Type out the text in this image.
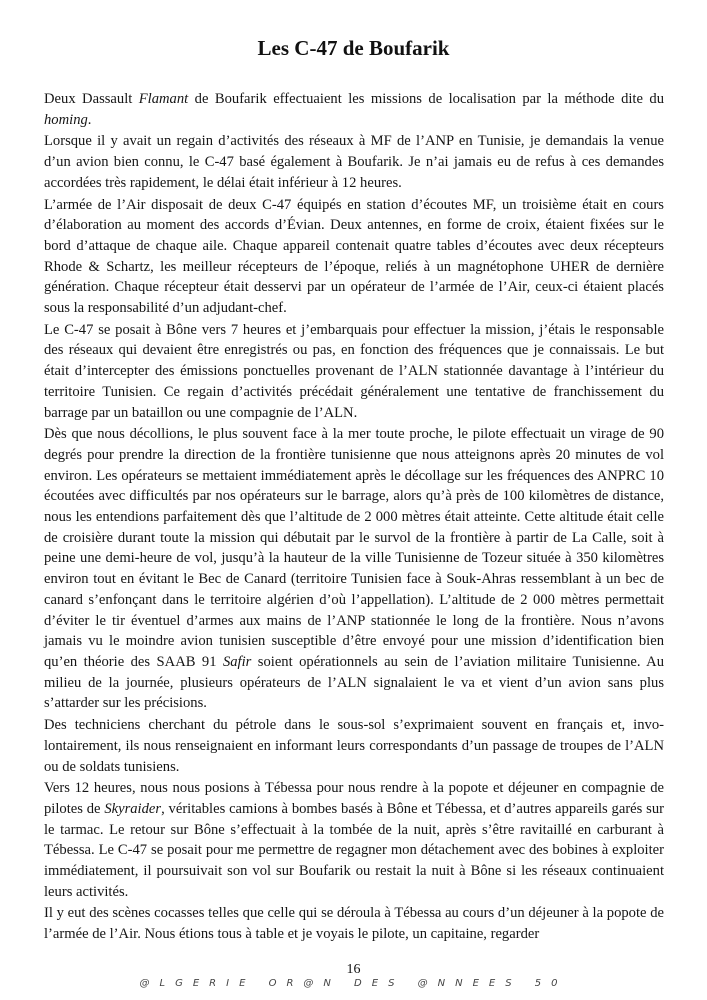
Les C-47 de Boufarik

Deux Dassault Flamant de Boufarik effectuaient les missions de localisation par la méthode dite du homing.

Lorsque il y avait un regain d’activités des réseaux à MF de l’ANP en Tunisie, je demandais la venue d’un avion bien connu, le C-47 basé également à Boufarik. Je n’ai jamais eu de refus à ces demandes accordées très rapidement, le délai était inférieur à 12 heures.

L’armée de l’Air disposait de deux C-47 équipés en station d’écoutes MF, un troisième était en cours d’élaboration au moment des accords d’Évian. Deux antennes, en forme de croix, étaient fixées sur le bord d’attaque de chaque aile. Chaque appareil contenait quatre tables d’écoutes avec deux récepteurs Rhode & Schartz, les meilleur récepteurs de l’époque, reliés à un magnétophone UHER de dernière génération. Chaque récepteur était desservi par un opérateur de l’armée de l’Air, ceux-ci étaient placés sous la responsabilité d’un adjudant-chef.

Le C-47 se posait à Bône vers 7 heures et j’embarquais pour effectuer la mission, j’étais le responsable des réseaux qui devaient être enregistrés ou pas, en fonction des fréquences que je connaissais. Le but était d’intercepter des émissions ponctuelles provenant de l’ALN stationnée davantage à l’intérieur du territoire Tunisien. Ce regain d’activités précédait généralement une tentative de franchissement du barrage par un bataillon ou une compagnie de l’ALN.

Dès que nous décollions, le plus souvent face à la mer toute proche, le pilote effectuait un virage de 90 degrés pour prendre la direction de la frontière tunisienne que nous atteignons après 20 minutes de vol environ. Les opérateurs se mettaient immédiatement après le décollage sur les fréquences des ANPRC 10 écoutées avec difficultés par nos opérateurs sur le barrage, alors qu’à près de 100 kilomètres de distance, nous les entendions parfaitement dès que l’altitude de 2 000 mètres était atteinte. Cette altitude était celle de croisière durant toute la mission qui débutait par le survol de la frontière à partir de La Calle, soit à peine une demi-heure de vol, jusqu’à la hauteur de la ville Tunisienne de Tozeur située à 350 kilomètres environ tout en évitant le Bec de Canard (territoire Tunisien face à Souk-Ahras ressemblant à un bec de canard s’enfonçant dans le territoire algérien d’où l’appellation). L’altitude de 2 000 mètres permettait d’éviter le tir éventuel d’armes aux mains de l’ANP stationnée le long de la frontière. Nous n’avons jamais vu le moindre avion tunisien susceptible d’être envoyé pour une mission d’identification bien qu’en théorie des SAAB 91 Safir soient opérationnels au sein de l’aviation militaire Tunisienne. Au milieu de la journée, plusieurs opérateurs de l’ALN signalaient le va et vient d’un avion sans plus s’attarder sur les précisions.

Des techniciens cherchant du pétrole dans le sous-sol s’exprimaient souvent en français et, involontairement, ils nous renseignaient en informant leurs correspondants d’un passage de troupes de l’ALN ou de soldats tunisiens.

Vers 12 heures, nous nous posions à Tébessa pour nous rendre à la popote et déjeuner en compagnie de pilotes de Skyraider, véritables camions à bombes basés à Bône et Tébessa, et d’autres appareils garés sur le tarmac. Le retour sur Bône s’effectuait à la tombée de la nuit, après s’être ravitaillé en carburant à Tébessa. Le C-47 se posait pour me permettre de regagner mon détachement avec des bobines à exploiter immédiatement, il poursuivait son vol sur Boufarik ou restait la nuit à Bône si les réseaux continuaient leurs activités.

Il y eut des scènes cocasses telles que celle qui se déroula à Tébessa au cours d’un déjeuner à la popote de l’armée de l’Air. Nous étions tous à table et je voyais le pilote, un capitaine, regarder

16
@LGERIE OR@N DES @NNEES 50
